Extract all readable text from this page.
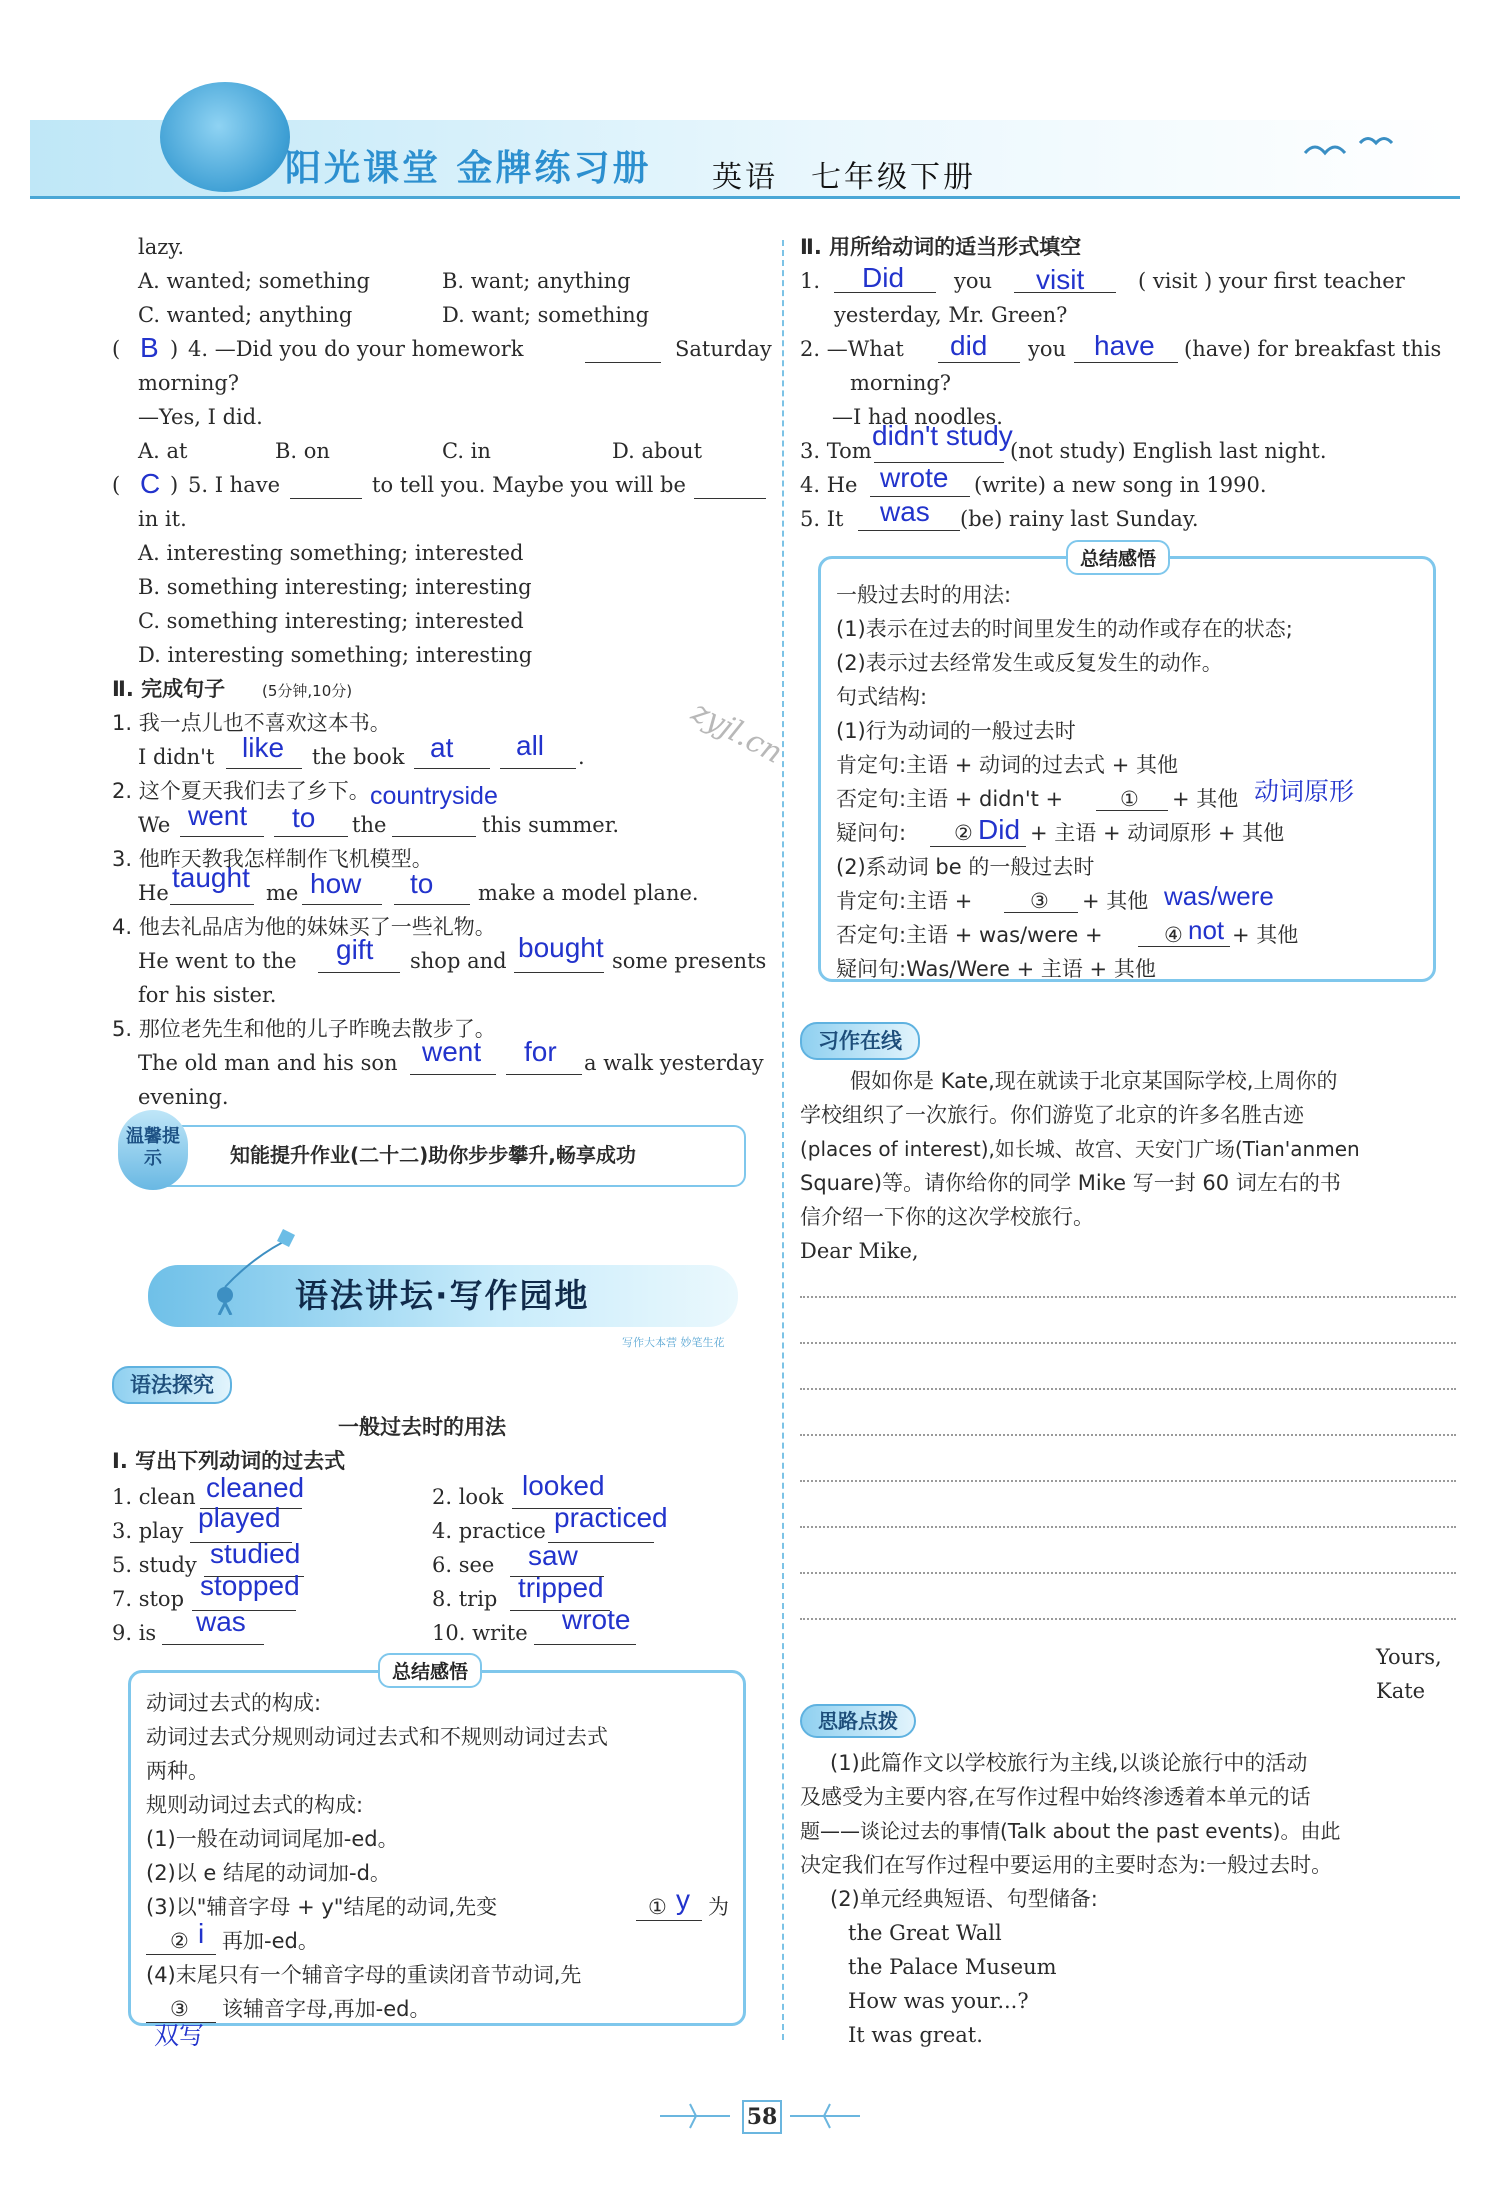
阳光课堂 金牌练习册 英语　七年级下册
lazy.
A. wanted; something	B. want; anything
C. wanted; anything	D. want; something
( B ) 4. —Did you do your homework	Saturday
morning?
—Yes, I did.
A. at	B. on	C. in	D. about
( C ) 5. I have	to tell you. Maybe you will be
in it.
A. interesting something; interested
B. something interesting; interesting
C. something interesting; interested
D. interesting something; interesting
Ⅱ. 完成句子 (5分钟,10分)
1. 我一点儿也不喜欢这本书。
I didn't like the book at all .
2. 这个夏天我们去了乡下。
We went to the
countryside
this summer.
3. 他昨天教我怎样制作飞机模型。
He taught me how to make a model plane.
4. 他去礼品店为他的妹妹买了一些礼物。
He went to the gift shop and bought some presents
for his sister.
5. 那位老先生和他的儿子昨晚去散步了。
The old man and his son went for a walk yesterday
evening.
温馨提示	知能提升作业(二十二)助你步步攀升,畅享成功
语法讲坛·写作园地
写作大本营 妙笔生花
语法探究
一般过去时的用法
Ⅰ. 写出下列动词的过去式
1. clean cleaned	2. look looked
3. play played	4. practice practiced
5. study studied	6. see saw
7. stop stopped	8. trip tripped
9. is was	10. write wrote
总结感悟
动词过去式的构成:
动词过去式分规则动词过去式和不规则动词过去式
两种。
规则动词过去式的构成:
(1)一般在动词词尾加-ed。
(2)以 e 结尾的动词加-d。
(3)以"辅音字母 + y"结尾的动词,先变	① y 为
② i 再加-ed。
(4)末尾只有一个辅音字母的重读闭音节动词,先
③ 该辅音字母,再加-ed。
双写
Ⅱ. 用所给动词的适当形式填空
1. Did you visit	( visit ) your first teacher
yesterday, Mr. Green?
2. —What did you have (have) for breakfast this
morning?
—I had noodles.
3. Tom didn't study
(not study) English last night.
4. He wrote (write) a new song in 1990.
5. It was (be) rainy last Sunday.
总结感悟
一般过去时的用法:
(1)表示在过去的时间里发生的动作或存在的状态;
(2)表示过去经常发生或反复发生的动作。
句式结构:
(1)行为动词的一般过去时
肯定句:主语 + 动词的过去式 + 其他
否定句:主语 + didn't +	① + 其他 动词原形
疑问句: ② Did + 主语 + 动词原形 + 其他
(2)系动词 be 的一般过去时
肯定句:主语 +	③ + 其他 was/were
否定句:主语 + was/were +	④ not + 其他
疑问句:Was/Were + 主语 + 其他
习作在线
假如你是 Kate,现在就读于北京某国际学校,上周你的
学校组织了一次旅行。你们游览了北京的许多名胜古迹
(places of interest),如长城、故宫、天安门广场(Tian'anmen
Square)等。请你给你的同学 Mike 写一封 60 词左右的书
信介绍一下你的这次学校旅行。
Dear Mike,
Yours,
Kate
思路点拨
(1)此篇作文以学校旅行为主线,以谈论旅行中的活动
及感受为主要内容,在写作过程中始终渗透着本单元的话
题——谈论过去的事情(Talk about the past events)。由此
决定我们在写作过程中要运用的主要时态为:一般过去时。
(2)单元经典短语、句型储备:
the Great Wall
the Palace Museum
How was your...?
It was great.
zyjl.cn
58
